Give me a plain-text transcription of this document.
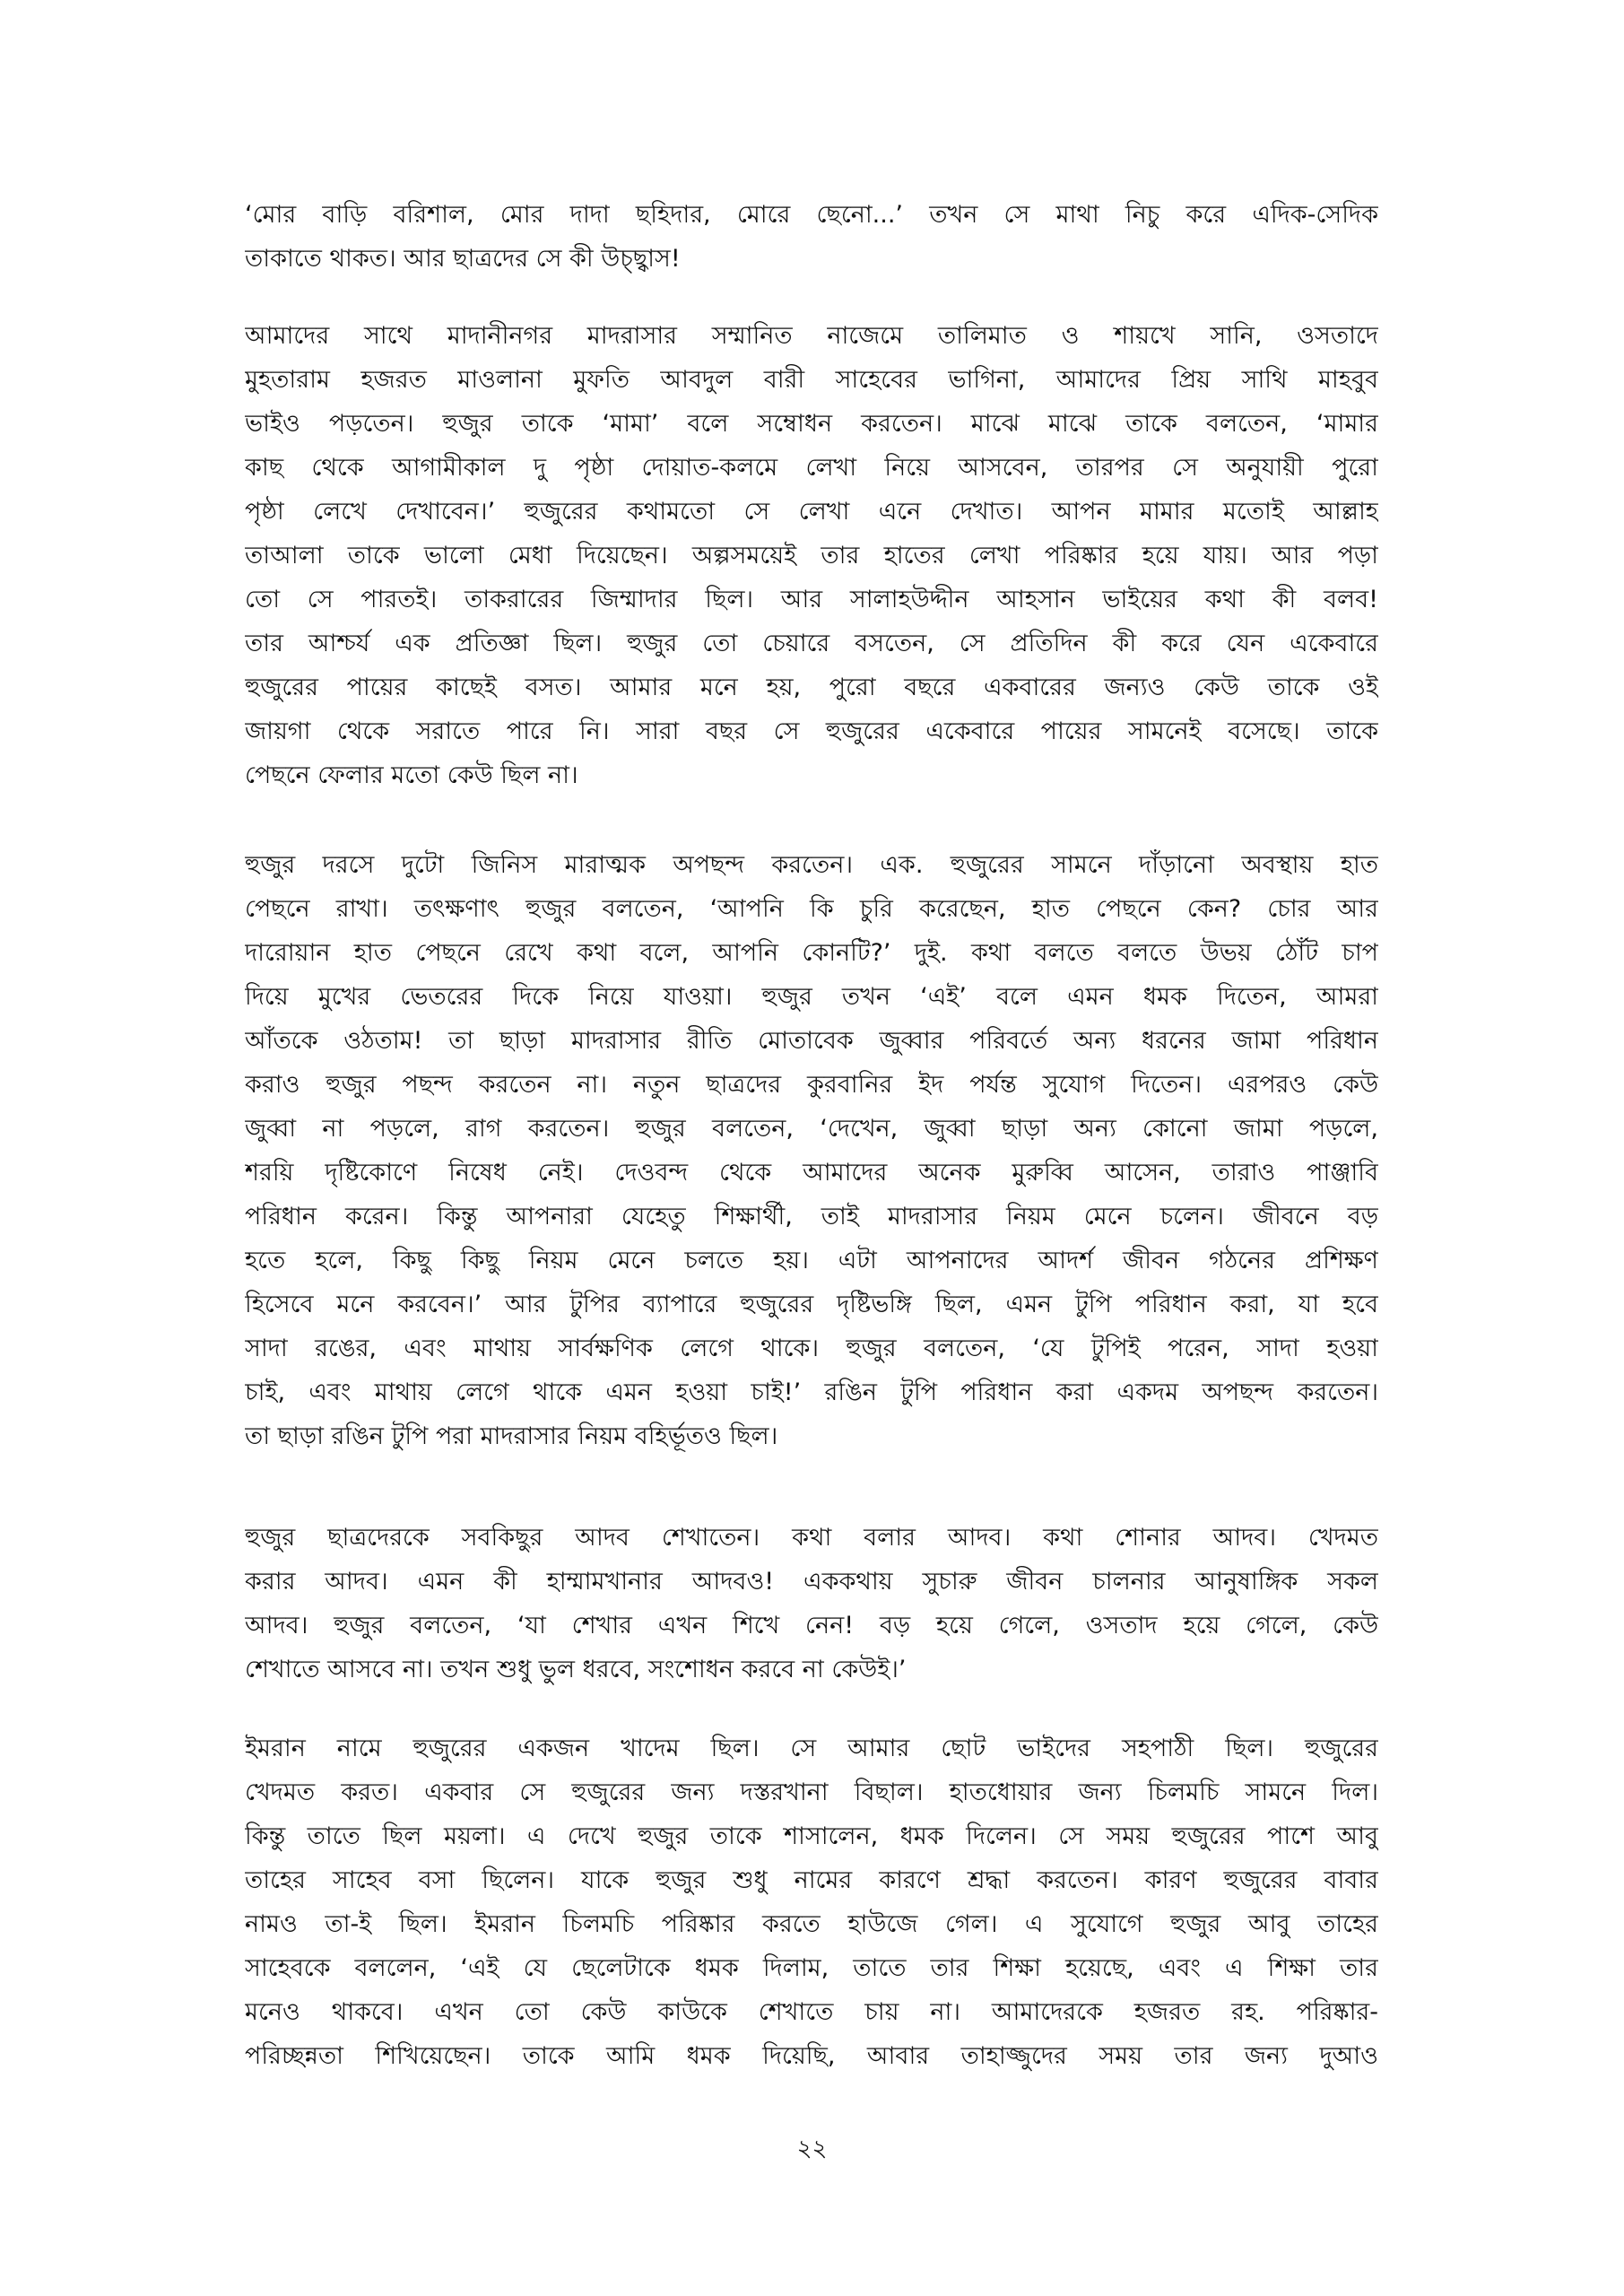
‘মোর বাড়ি বরিশাল, মোর দাদা ছহিদার, মোরে ছেনো...’ তখন সে মাথা নিচু করে এদিক-সেদিক
তাকাতে থাকত। আর ছাত্রদের সে কী উচ্ছ্বাস!
আমাদের সাথে মাদানীনগর মাদরাসার সম্মানিত নাজেমে তালিমাত ও শায়খে সানি, ওসতাদে
মুহতারাম হজরত মাওলানা মুফতি আবদুল বারী সাহেবের ভাগিনা, আমাদের প্রিয় সাথি মাহবুব
ভাইও পড়তেন। হুজুর তাকে ‘মামা’ বলে সম্বোধন করতেন। মাঝে মাঝে তাকে বলতেন, ‘মামার
কাছ থেকে আগামীকাল দু পৃষ্ঠা দোয়াত-কলমে লেখা নিয়ে আসবেন, তারপর সে অনুযায়ী পুরো
পৃষ্ঠা লেখে দেখাবেন।’ হুজুরের কথামতো সে লেখা এনে দেখাত। আপন মামার মতোই আল্লাহ
তাআলা তাকে ভালো মেধা দিয়েছেন। অল্পসময়েই তার হাতের লেখা পরিষ্কার হয়ে যায়। আর পড়া
তো সে পারতই। তাকরারের জিম্মাদার ছিল। আর সালাহউদ্দীন আহসান ভাইয়ের কথা কী বলব!
তার আশ্চর্য এক প্রতিজ্ঞা ছিল। হুজুর তো চেয়ারে বসতেন, সে প্রতিদিন কী করে যেন একেবারে
হুজুরের পায়ের কাছেই বসত। আমার মনে হয়, পুরো বছরে একবারের জন্যও কেউ তাকে ওই
জায়গা থেকে সরাতে পারে নি। সারা বছর সে হুজুরের একেবারে পায়ের সামনেই বসেছে। তাকে
পেছনে ফেলার মতো কেউ ছিল না।
হুজুর দরসে দুটো জিনিস মারাত্মক অপছন্দ করতেন। এক. হুজুরের সামনে দাঁড়ানো অবস্থায় হাত
পেছনে রাখা। তৎক্ষণাৎ হুজুর বলতেন, ‘আপনি কি চুরি করেছেন, হাত পেছনে কেন? চোর আর
দারোয়ান হাত পেছনে রেখে কথা বলে, আপনি কোনটি?’ দুই. কথা বলতে বলতে উভয় ঠোঁট চাপ
দিয়ে মুখের ভেতরের দিকে নিয়ে যাওয়া। হুজুর তখন ‘এই’ বলে এমন ধমক দিতেন, আমরা
আঁতকে ওঠতাম! তা ছাড়া মাদরাসার রীতি মোতাবেক জুব্বার পরিবর্তে অন্য ধরনের জামা পরিধান
করাও হুজুর পছন্দ করতেন না। নতুন ছাত্রদের কুরবানির ইদ পর্যন্ত সুযোগ দিতেন। এরপরও কেউ
জুব্বা না পড়লে, রাগ করতেন। হুজুর বলতেন, ‘দেখেন, জুব্বা ছাড়া অন্য কোনো জামা পড়লে,
শরয়ি দৃষ্টিকোণে নিষেধ নেই। দেওবন্দ থেকে আমাদের অনেক মুরুব্বি আসেন, তারাও পাঞ্জাবি
পরিধান করেন। কিন্তু আপনারা যেহেতু শিক্ষার্থী, তাই মাদরাসার নিয়ম মেনে চলেন। জীবনে বড়
হতে হলে, কিছু কিছু নিয়ম মেনে চলতে হয়। এটা আপনাদের আদর্শ জীবন গঠনের প্রশিক্ষণ
হিসেবে মনে করবেন।’ আর টুপির ব্যাপারে হুজুরের দৃষ্টিভঙ্গি ছিল, এমন টুপি পরিধান করা, যা হবে
সাদা রঙের, এবং মাথায় সার্বক্ষণিক লেগে থাকে। হুজুর বলতেন, ‘যে টুপিই পরেন, সাদা হওয়া
চাই, এবং মাথায় লেগে থাকে এমন হওয়া চাই!’ রঙিন টুপি পরিধান করা একদম অপছন্দ করতেন।
তা ছাড়া রঙিন টুপি পরা মাদরাসার নিয়ম বহির্ভূতও ছিল।
হুজুর ছাত্রদেরকে সবকিছুর আদব শেখাতেন। কথা বলার আদব। কথা শোনার আদব। খেদমত
করার আদব। এমন কী হাম্মামখানার আদবও! এককথায় সুচারু জীবন চালনার আনুষাঙ্গিক সকল
আদব। হুজুর বলতেন, ‘যা শেখার এখন শিখে নেন! বড় হয়ে গেলে, ওসতাদ হয়ে গেলে, কেউ
শেখাতে আসবে না। তখন শুধু ভুল ধরবে, সংশোধন করবে না কেউই।’
ইমরান নামে হুজুরের একজন খাদেম ছিল। সে আমার ছোট ভাইদের সহপাঠী ছিল। হুজুরের
খেদমত করত। একবার সে হুজুরের জন্য দস্তরখানা বিছাল। হাতধোয়ার জন্য চিলমচি সামনে দিল।
কিন্তু তাতে ছিল ময়লা। এ দেখে হুজুর তাকে শাসালেন, ধমক দিলেন। সে সময় হুজুরের পাশে আবু
তাহের সাহেব বসা ছিলেন। যাকে হুজুর শুধু নামের কারণে শ্রদ্ধা করতেন। কারণ হুজুরের বাবার
নামও তা-ই ছিল। ইমরান চিলমচি পরিষ্কার করতে হাউজে গেল। এ সুযোগে হুজুর আবু তাহের
সাহেবকে বললেন, ‘এই যে ছেলেটাকে ধমক দিলাম, তাতে তার শিক্ষা হয়েছে, এবং এ শিক্ষা তার
মনেও থাকবে। এখন তো কেউ কাউকে শেখাতে চায় না। আমাদেরকে হজরত রহ. পরিষ্কার-
পরিচ্ছন্নতা শিখিয়েছেন। তাকে আমি ধমক দিয়েছি, আবার তাহাজ্জুদের সময় তার জন্য দুআও
২২
